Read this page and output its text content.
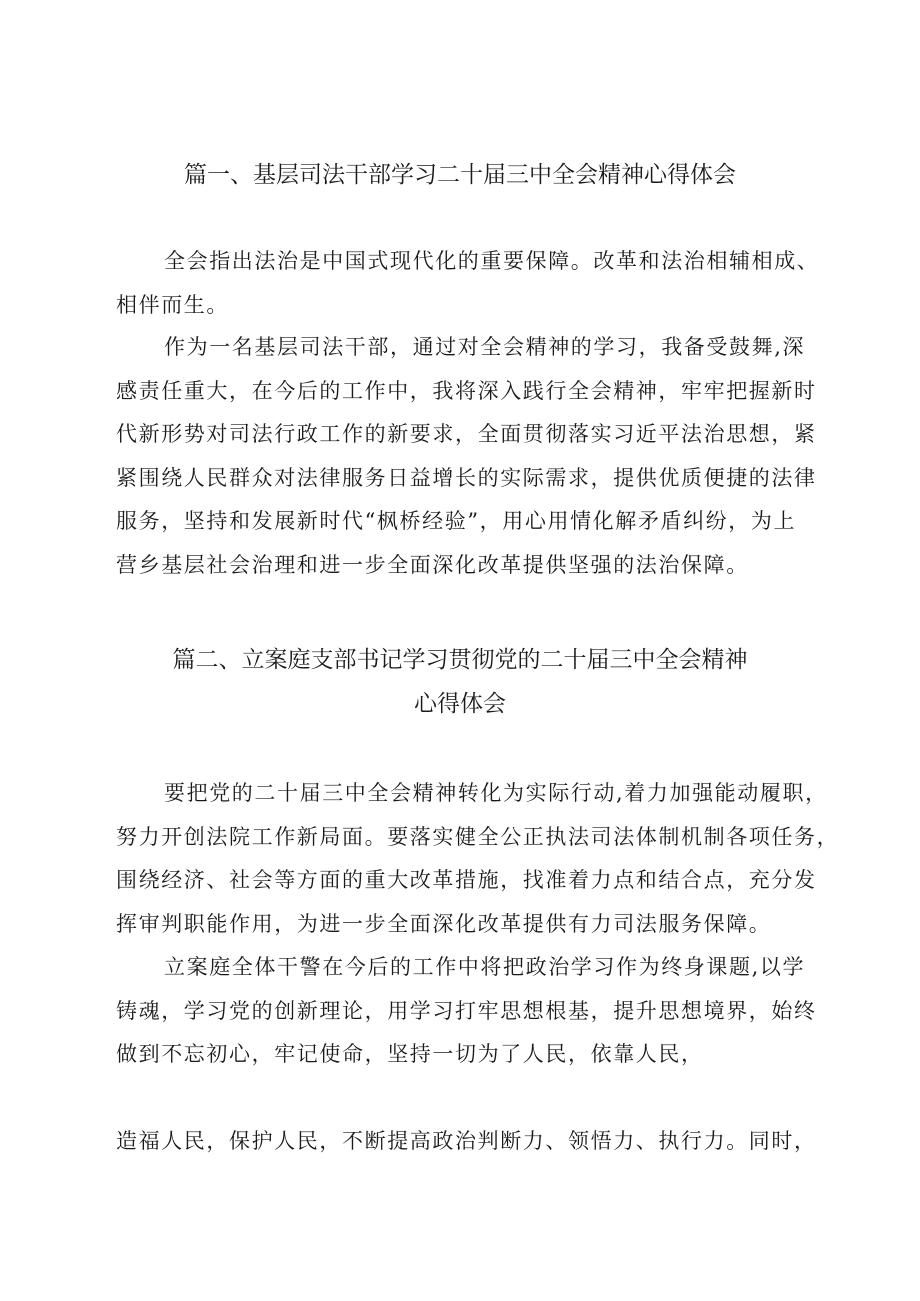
篇一、基层司法干部学习二十届三中全会精神心得体会

全会指出法治是中国式现代化的重要保障。改革和法治相辅相成、
相伴而生。

作为一名基层司法干部，通过对全会精神的学习，我备受鼓舞,深
感责任重大，在今后的工作中，我将深入践行全会精神，牢牢把握新时
代新形势对司法行政工作的新要求，全面贯彻落实习近平法治思想，紧
紧围绕人民群众对法律服务日益增长的实际需求，提供优质便捷的法律
服务，坚持和发展新时代“枫桥经验”，用心用情化解矛盾纠纷，为上
营乡基层社会治理和进一步全面深化改革提供坚强的法治保障。

篇二、立案庭支部书记学习贯彻党的二十届三中全会精神
心得体会

要把党的二十届三中全会精神转化为实际行动,着力加强能动履职，
努力开创法院工作新局面。要落实健全公正执法司法体制机制各项任务，
围绕经济、社会等方面的重大改革措施，找准着力点和结合点，充分发
挥审判职能作用，为进一步全面深化改革提供有力司法服务保障。

立案庭全体干警在今后的工作中将把政治学习作为终身课题,以学
铸魂，学习党的创新理论，用学习打牢思想根基，提升思想境界，始终
做到不忘初心，牢记使命，坚持一切为了人民，依靠人民，

造福人民，保护人民，不断提高政治判断力、领悟力、执行力。同时，
